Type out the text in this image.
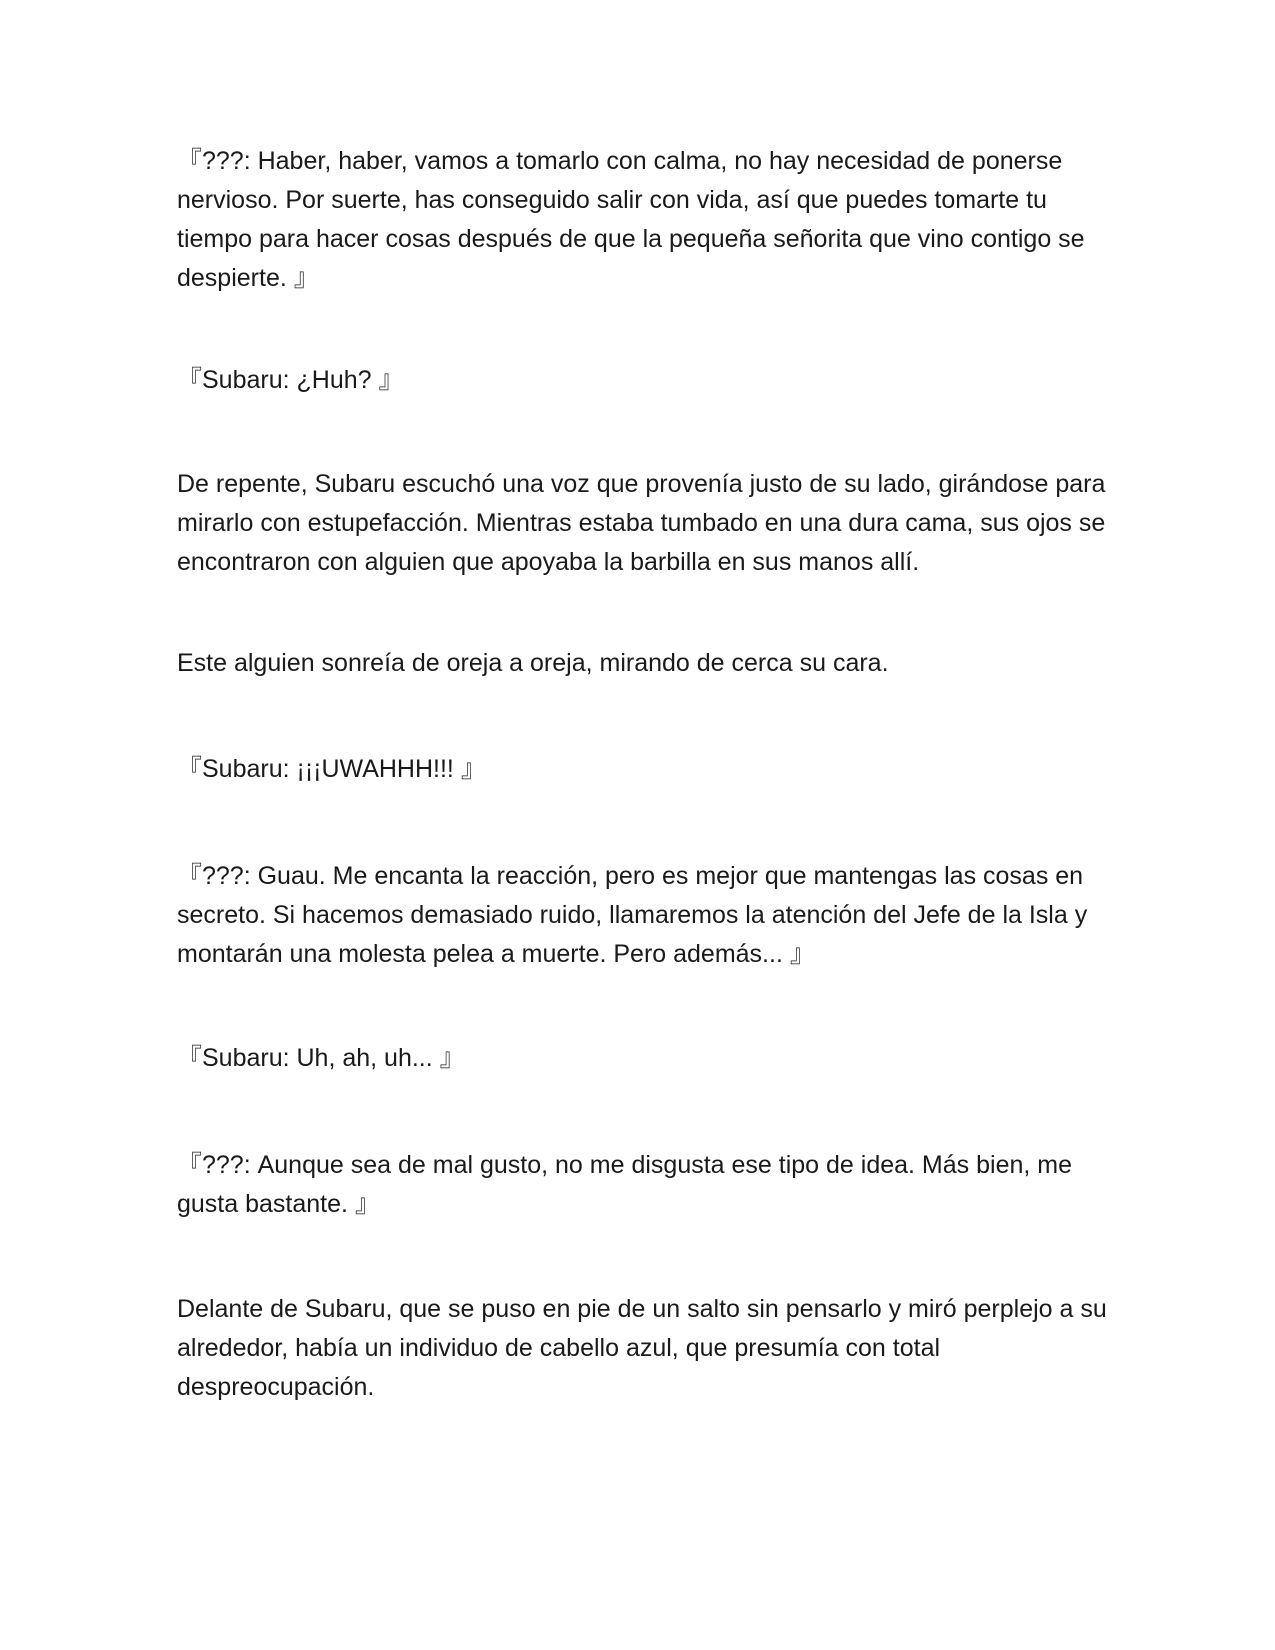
『???: Haber, haber, vamos a tomarlo con calma, no hay necesidad de ponerse nervioso. Por suerte, has conseguido salir con vida, así que puedes tomarte tu tiempo para hacer cosas después de que la pequeña señorita que vino contigo se despierte. 』

『Subaru: ¿Huh? 』

De repente, Subaru escuchó una voz que provenía justo de su lado, girándose para mirarlo con estupefacción. Mientras estaba tumbado en una dura cama, sus ojos se encontraron con alguien que apoyaba la barbilla en sus manos allí.

Este alguien sonreía de oreja a oreja, mirando de cerca su cara.

『Subaru: ¡¡¡UWAHHH!!! 』

『???: Guau. Me encanta la reacción, pero es mejor que mantengas las cosas en secreto. Si hacemos demasiado ruido, llamaremos la atención del Jefe de la Isla y montarán una molesta pelea a muerte. Pero además... 』

『Subaru: Uh, ah, uh... 』

『???: Aunque sea de mal gusto, no me disgusta ese tipo de idea. Más bien, me gusta bastante. 』

Delante de Subaru, que se puso en pie de un salto sin pensarlo y miró perplejo a su alrededor, había un individuo de cabello azul, que presumía con total despreocupación.
